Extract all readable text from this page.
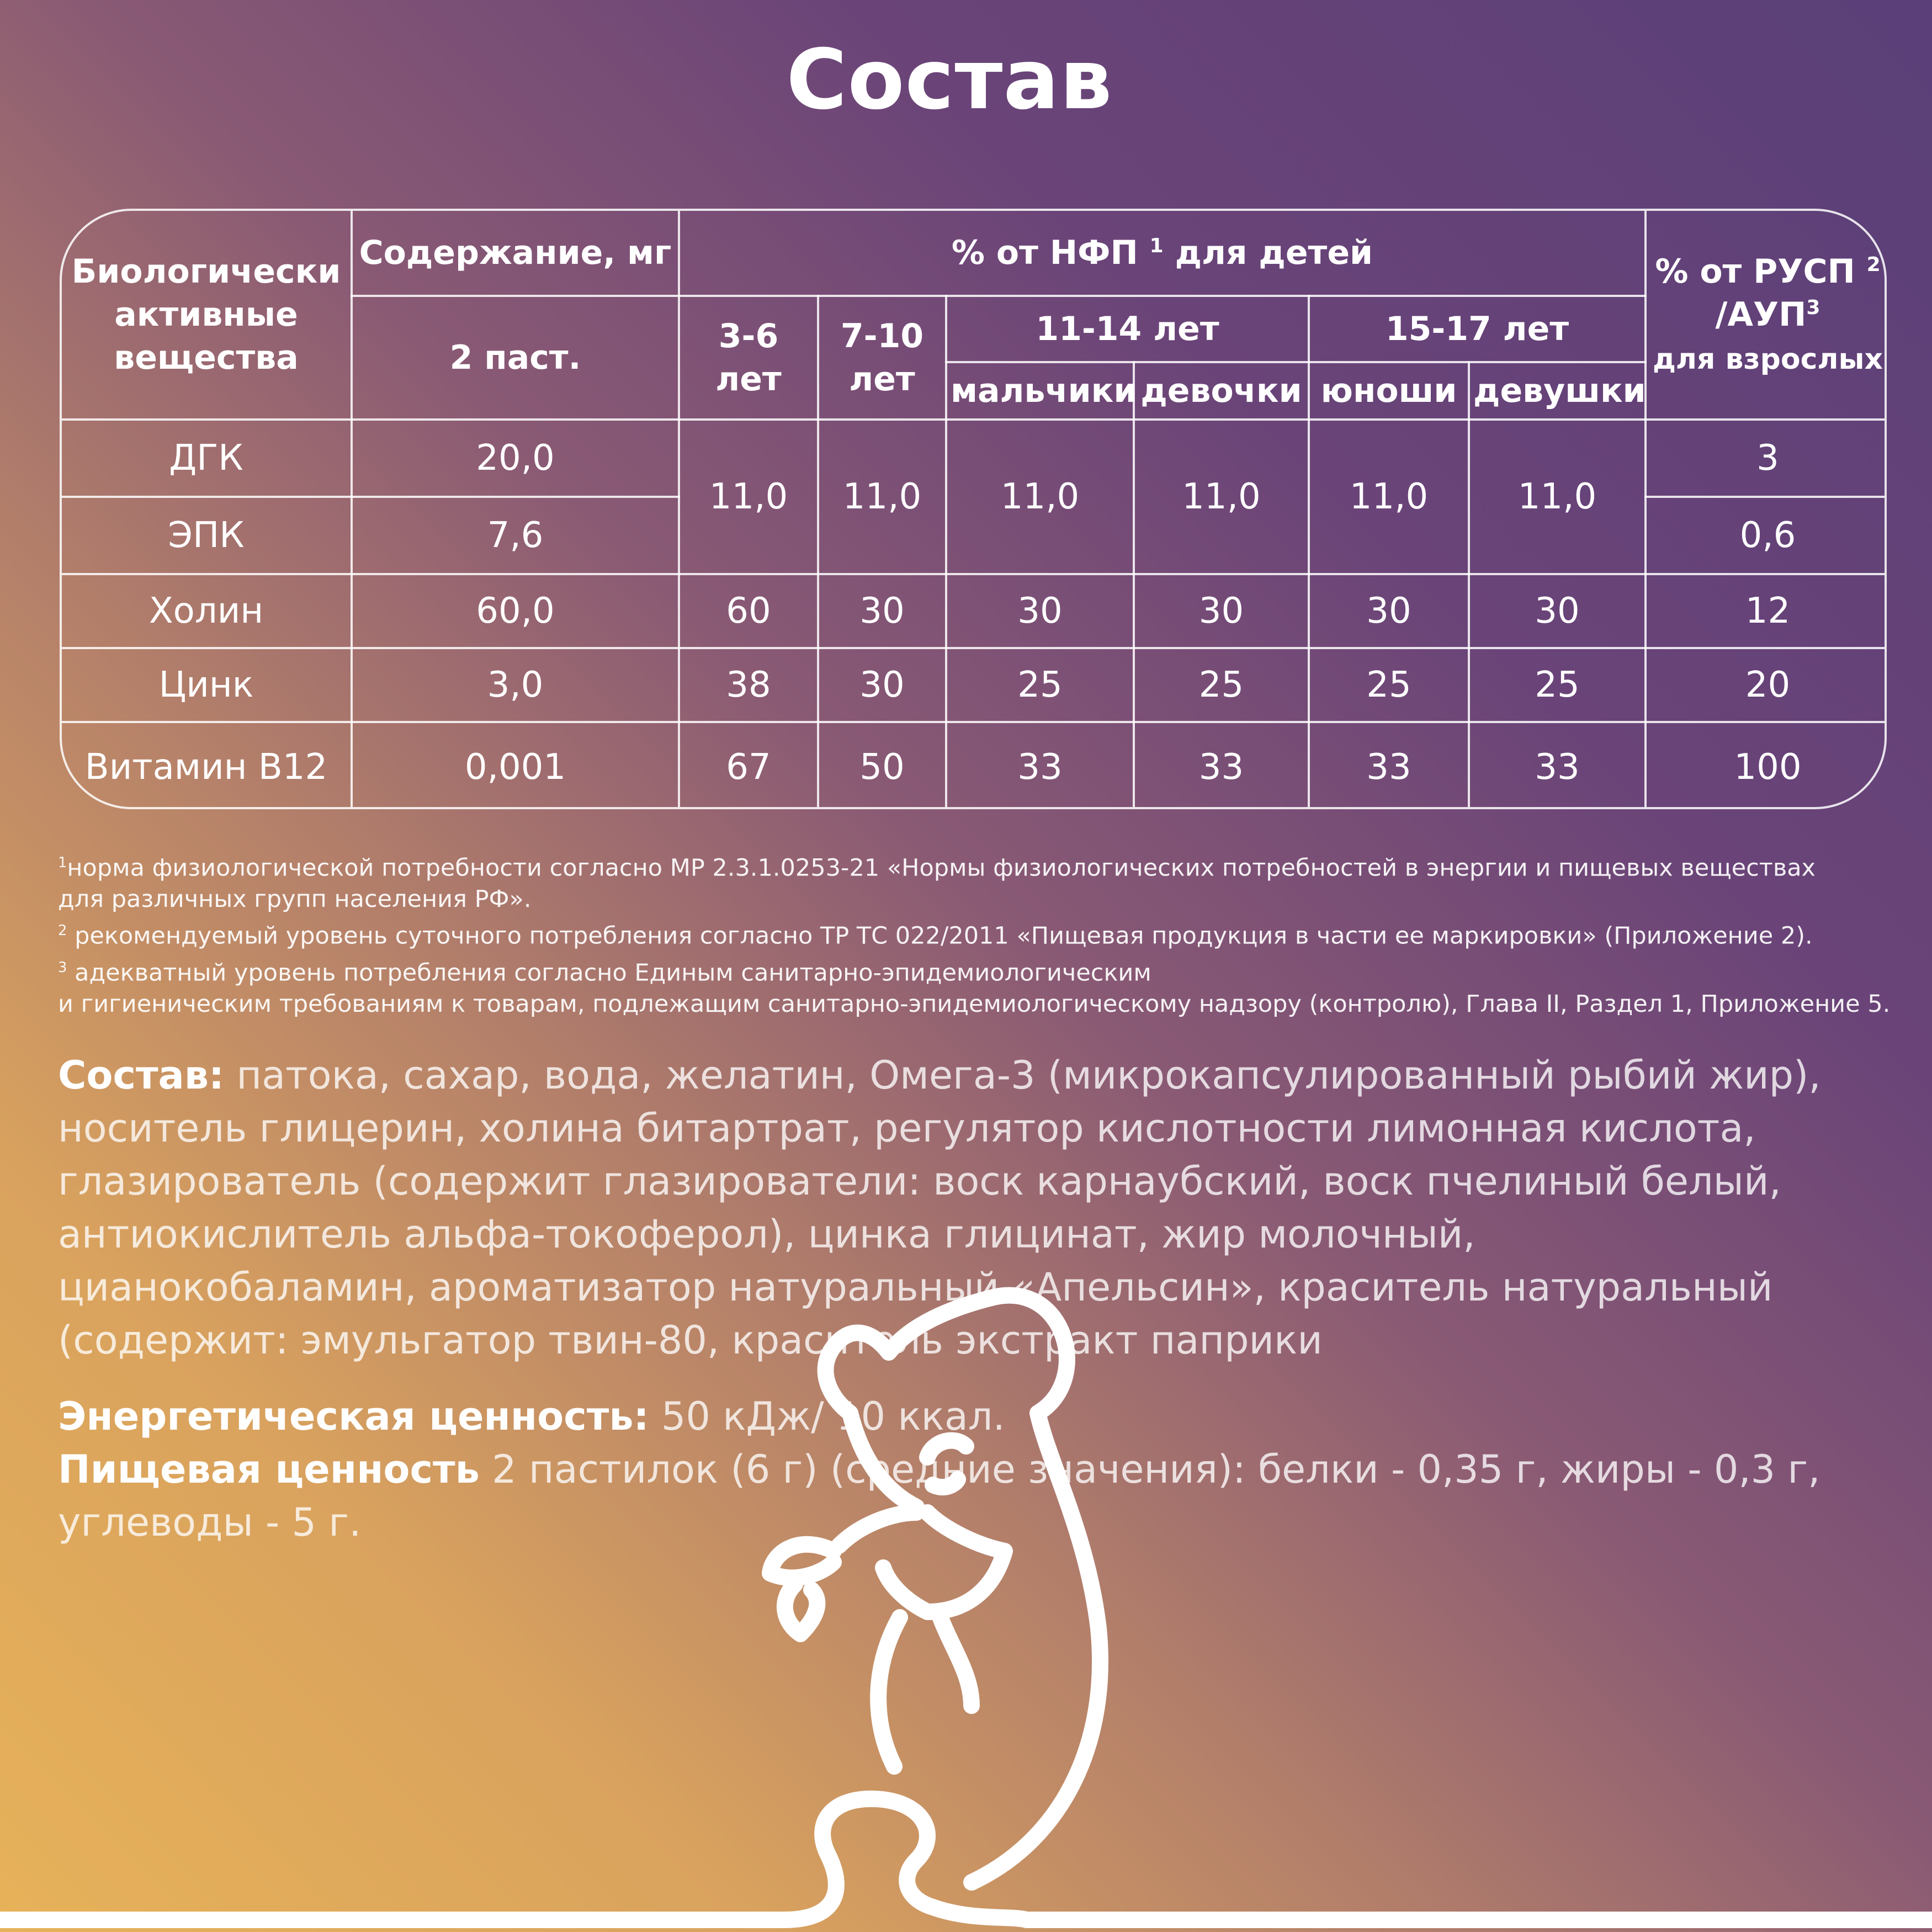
Состав
Биологически активные вещества	Содержание, мг	% от НФП $^1$ для детей						% от РУСП $^2$
/АУП$^3$
для взрослых
	2 паст.	3-6 лет	7-10 лет	11-14 лет		15-17 лет		
				мальчики	девочки	юноши	девушки	
ДГК	20,0	11,0	11,0	11,0	11,0	11,0	11,0	3
ЭПК	7,6							0,6
Холин	60,0	60	30	30	30	30	30	12
Цинк	3,0	38	30	25	25	25	25	20
Витамин В12	0,001	67	50	33	33	33	33	100

$^1$норма физиологической потребности согласно МР 2.3.1.0253-21 «Нормы физиологических потребностей в энергии и пищевых веществах

для различных групп населения РФ».

$^2$ рекомендуемый уровень суточного потребления согласно ТР ТС 022/2011 «Пищевая продукция в части ее маркировки» (Приложение 2).

$^3$ адекватный уровень потребления согласно Единым санитарно-эпидемиологическим

и гигиеническим требованиям к товарам, подлежащим санитарно-эпидемиологическому надзору (контролю), Глава II, Раздел 1, Приложение 5.

Состав: патока, сахар, вода, желатин, Омега-3 (микрокапсулированный рыбий жир),

носитель глицерин, холина битартрат, регулятор кислотности лимонная кислота,

глазирователь (содержит глазирователи: воск карнаубский, воск пчелиный белый,

антиокислитель альфа-токоферол), цинка глицинат, жир молочный,

цианокобаламин, ароматизатор натуральный «Апельсин», краситель натуральный

(содержит: эмульгатор твин-80, краситель экстракт паприки

Энергетическая ценность: 50 кДж/ 10 ккал.

Пищевая ценность 2 пастилок (6 г) (средние значения): белки - 0,35 г, жиры - 0,3 г,

углеводы - 5 г.
